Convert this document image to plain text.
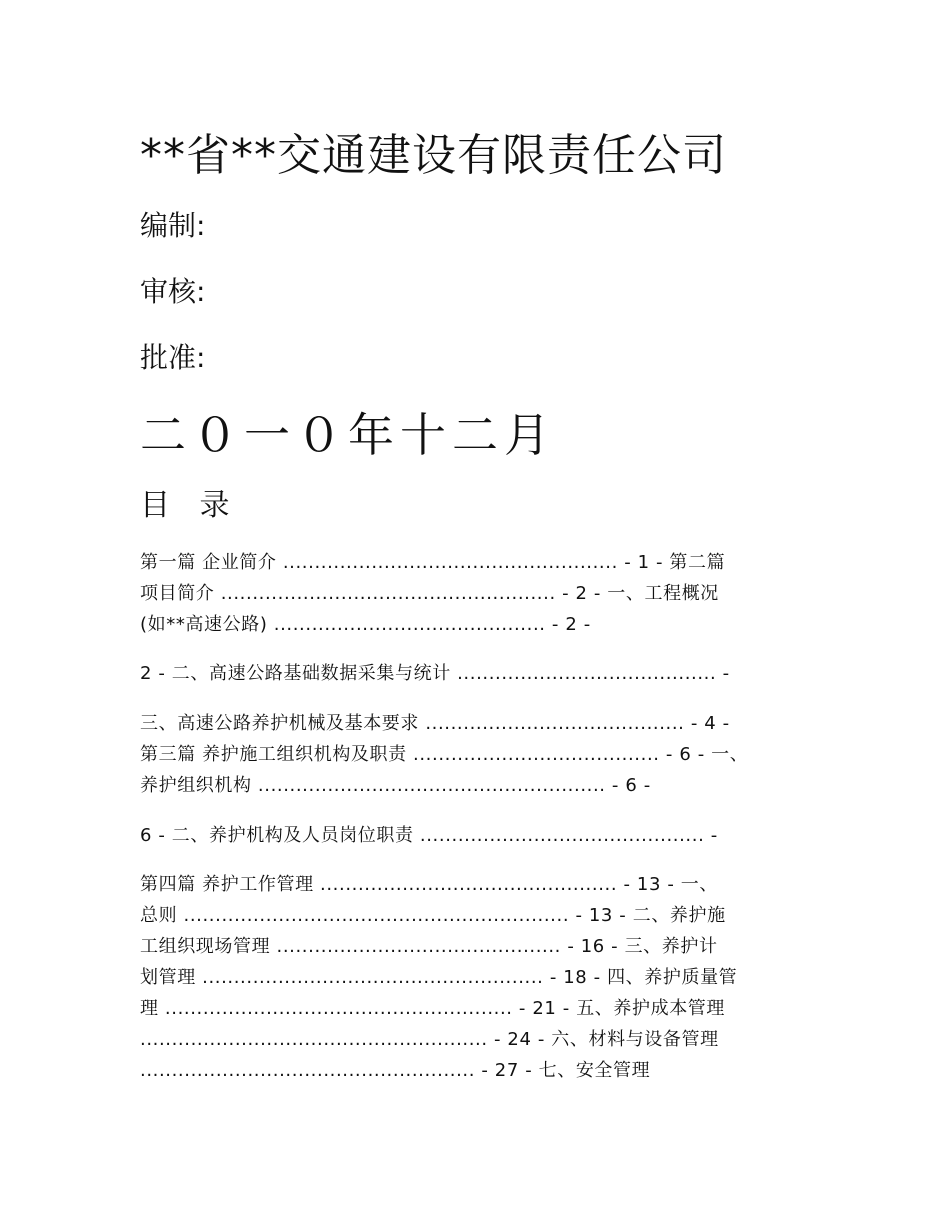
**省**交通建设有限责任公司
编制:
审核:
批准:
二０一０年十二月
目 录
第一篇 企业简介 ..................................................... - 1 - 第二篇
项目简介 ..................................................... - 2 - 一、工程概况
(如**高速公路) ........................................... - 2 -
2 - 二、高速公路基础数据采集与统计 ......................................... -
三、高速公路养护机械及基本要求 ......................................... - 4 -
第三篇 养护施工组织机构及职责 ....................................... - 6 - 一、
养护组织机构 ....................................................... - 6 -
6 - 二、养护机构及人员岗位职责 ............................................. -
第四篇 养护工作管理 ............................................... - 13 - 一、
总则 ............................................................. - 13 - 二、养护施
工组织现场管理 ............................................. - 16 - 三、养护计
划管理 ...................................................... - 18 - 四、养护质量管
理 ....................................................... - 21 - 五、养护成本管理
....................................................... - 24 - 六、材料与设备管理
..................................................... - 27 - 七、安全管理
